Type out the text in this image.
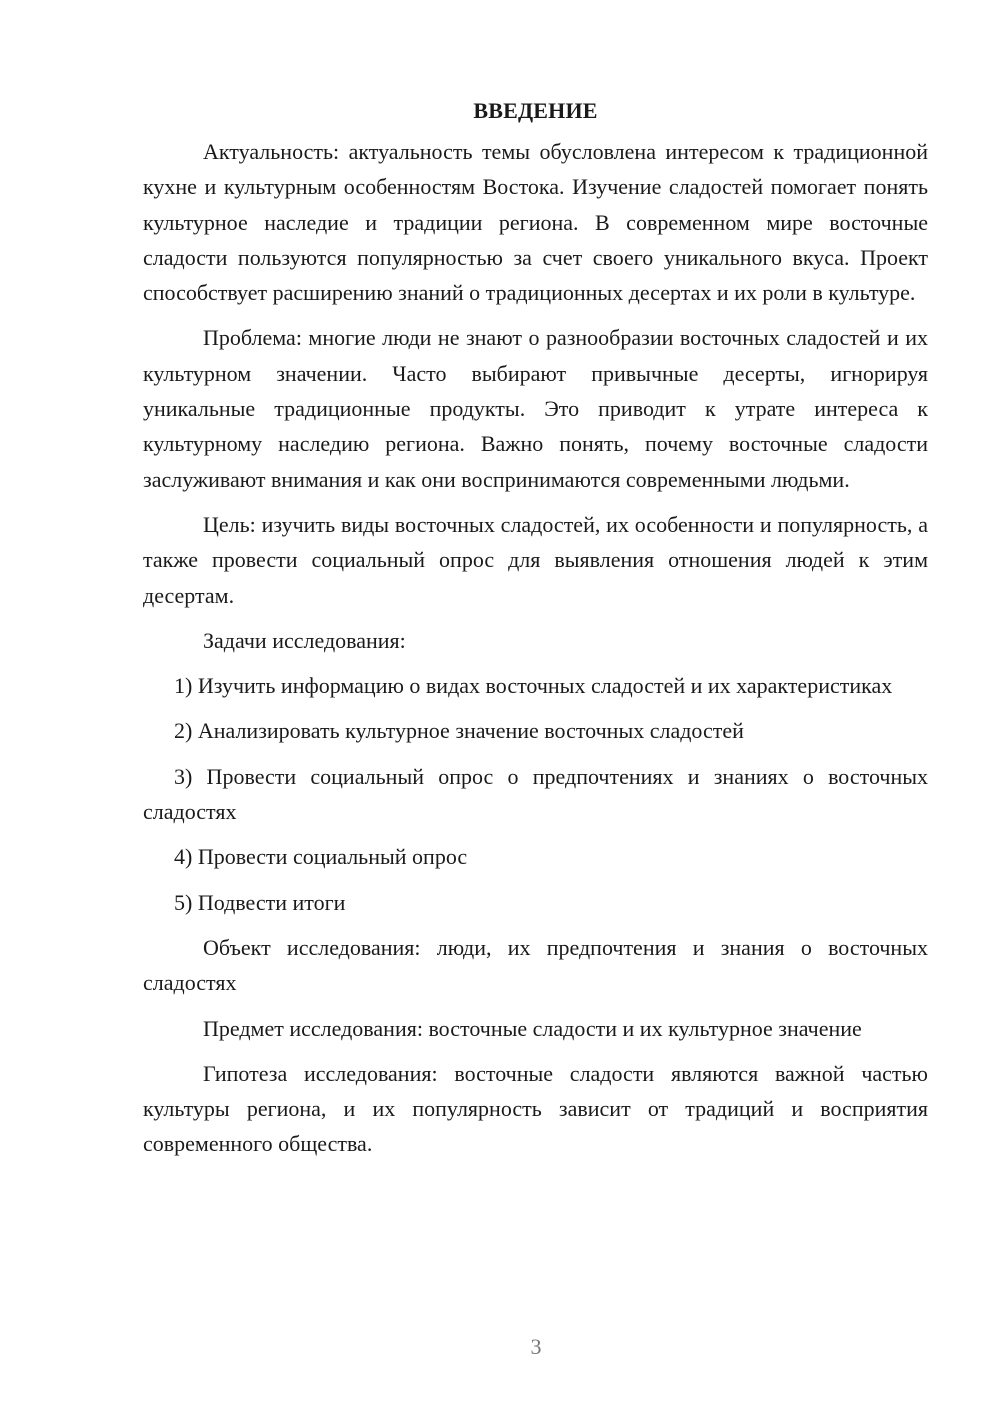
ВВЕДЕНИЕ

Актуальность: актуальность темы обусловлена интересом к традиционной кухне и культурным особенностям Востока. Изучение сладостей помогает понять культурное наследие и традиции региона. В современном мире восточные сладости пользуются популярностью за счет своего уникального вкуса. Проект способствует расширению знаний о традиционных десертах и их роли в культуре.

Проблема: многие люди не знают о разнообразии восточных сладостей и их культурном значении. Часто выбирают привычные десерты, игнорируя уникальные традиционные продукты. Это приводит к утрате интереса к культурному наследию региона. Важно понять, почему восточные сладости заслуживают внимания и как они воспринимаются современными людьми.

Цель: изучить виды восточных сладостей, их особенности и популярность, а также провести социальный опрос для выявления отношения людей к этим десертам.

Задачи исследования:

1) Изучить информацию о видах восточных сладостей и их характеристиках

2) Анализировать культурное значение восточных сладостей

3) Провести социальный опрос о предпочтениях и знаниях о восточных сладостях

4) Провести социальный опрос

5) Подвести итоги

Объект исследования: люди, их предпочтения и знания о восточных сладостях

Предмет исследования: восточные сладости и их культурное значение

Гипотеза исследования: восточные сладости являются важной частью культуры региона, и их популярность зависит от традиций и восприятия современного общества.

3
